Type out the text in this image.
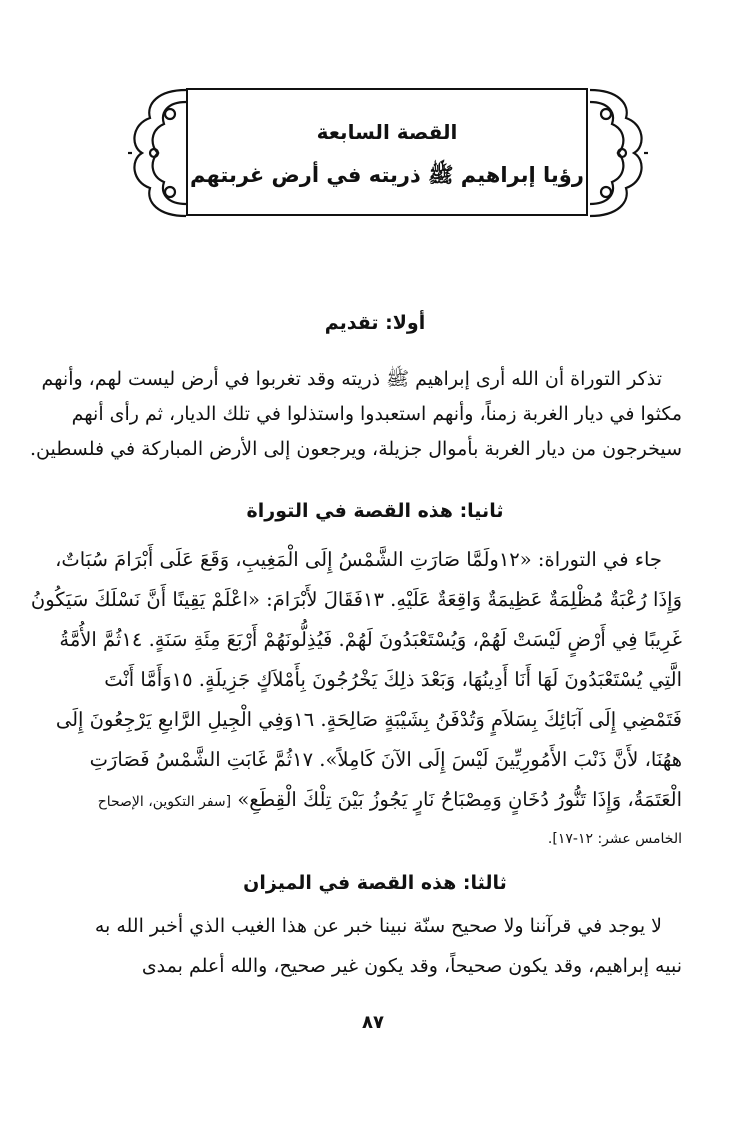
القصة السابعة
رؤيا إبراهيم ﷺ ذريته في أرض غربتهم
أولا: تقديم
تذكر التوراة أن الله أرى إبراهيم ﷺ ذريته وقد تغربوا في أرض ليست لهم، وأنهم
مكثوا في ديار الغربة زمناً، وأنهم استعبدوا واستذلوا في تلك الديار، ثم رأى أنهم
سيخرجون من ديار الغربة بأموال جزيلة، ويرجعون إلى الأرض المباركة في فلسطين.
ثانيا: هذه القصة في التوراة
جاء في التوراة: «١٢ولَمَّا صَارَتِ الشَّمْسُ إِلَى الْمَغِيبِ، وَقَعَ عَلَى أَبْرَامَ سُبَاتٌ،
وَإِذَا رُعْبَةٌ مُظْلِمَةٌ عَظِيمَةٌ وَاقِعَةٌ عَلَيْهِ. ١٣فَقَالَ لأَبْرَامَ: «اعْلَمْ يَقِينًا أَنَّ نَسْلَكَ سَيَكُونُ
غَرِيبًا فِي أَرْضٍ لَيْسَتْ لَهُمْ، وَيُسْتَعْبَدُونَ لَهُمْ. فَيُذِلُّونَهُمْ أَرْبَعَ مِئَةِ سَنَةٍ. ١٤ثُمَّ الأُمَّةُ
الَّتِي يُسْتَعْبَدُونَ لَهَا أَنَا أَدِينُهَا، وَبَعْدَ ذلِكَ يَخْرُجُونَ بِأَمْلاَكٍ جَزِيلَةٍ. ١٥وَأَمَّا أَنْتَ
فَتَمْضِي إِلَى آبَائِكَ بِسَلاَمٍ وَتُدْفَنُ بِشَيْبَةٍ صَالِحَةٍ. ١٦وَفِي الْجِيلِ الرَّابعِ يَرْجِعُونَ إِلَى
ههُنَا، لأَنَّ ذَنْبَ الأَمُورِيِّينَ لَيْسَ إِلَى الآنَ كَامِلاً». ١٧ثُمَّ غَابَتِ الشَّمْسُ فَصَارَتِ
الْعَتَمَةُ، وَإِذَا تَنُّورُ دُخَانٍ وَمِصْبَاحُ نَارٍ يَجُوزُ بَيْنَ تِلْكَ الْقِطَعِ» [سفر التكوين، الإصحاح
الخامس عشر: ١٢-١٧].
ثالثا: هذه القصة في الميزان
لا يوجد في قرآننا ولا صحيح سنّة نبينا خبر عن هذا الغيب الذي أخبر الله به
نبيه إبراهيم، وقد يكون صحيحاً، وقد يكون غير صحيح، والله أعلم بمدى
٨٧
